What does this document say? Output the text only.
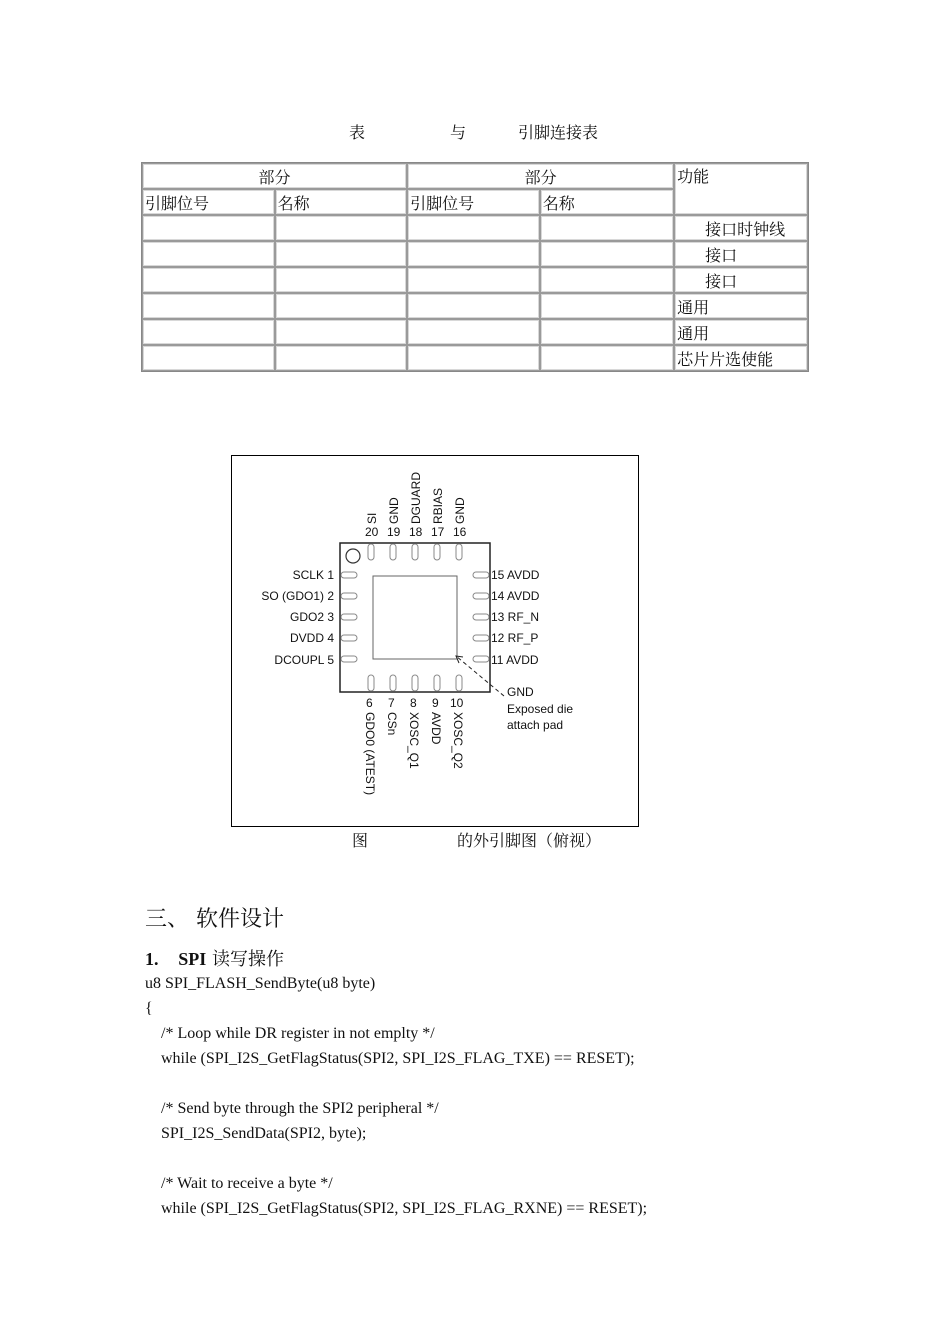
表	与	引脚连接表
部分		部分		功能
引脚位号	名称	引脚位号	名称	
				接口时钟线
				接口
				接口
				通用
				通用
				芯片片选使能
20 19 18 17 16
SI GND DGUARD RBIAS GND
SCLK 1
SO (GDO1) 2
GDO2 3
DVDD 4
DCOUPL 5
15 AVDD
14 AVDD
13 RF_N
12 RF_P
11 AVDD
6 7 8 9 10
GDO0 (ATEST) CSn XOSC_Q1 AVDD XOSC_Q2
GND
Exposed die
attach pad
图	的外引脚图（俯视）
三、 软件设计
1. SPI 读写操作
u8 SPI_FLASH_SendByte(u8 byte)
{
/* Loop while DR register in not emplty */
while (SPI_I2S_GetFlagStatus(SPI2, SPI_I2S_FLAG_TXE) == RESET);
/* Send byte through the SPI2 peripheral */
SPI_I2S_SendData(SPI2, byte);
/* Wait to receive a byte */
while (SPI_I2S_GetFlagStatus(SPI2, SPI_I2S_FLAG_RXNE) == RESET);
